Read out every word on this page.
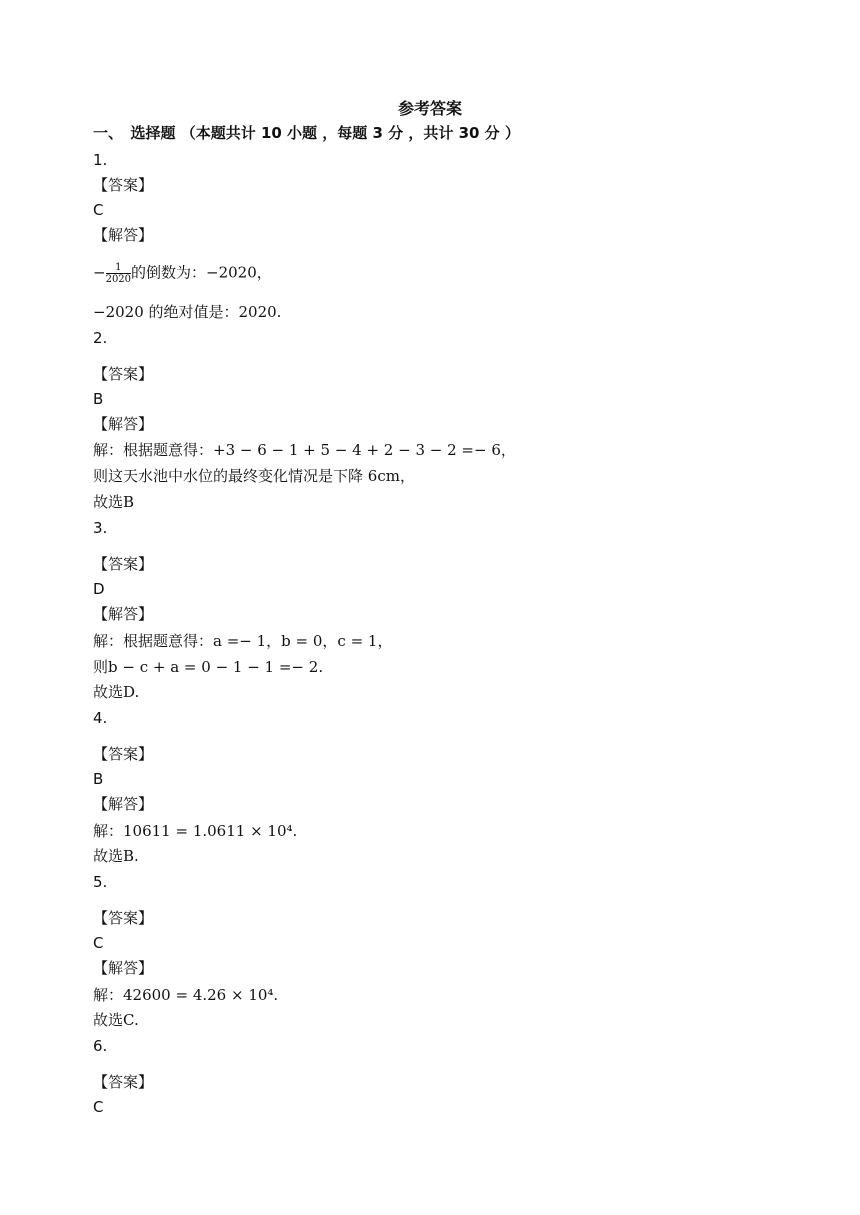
参考答案
一、　选择题 （本题共计 10 小题 ，每题 3 分 ，共计 30 分 ）
1.
【答案】
C
【解答】
− $\frac{1}{2020}$ 的倒数为：−2020，
−2020 的绝对值是：2020.
2.
【答案】
B
【解答】
解：根据题意得：+3 − 6 − 1 + 5 − 4 + 2 − 3 − 2 =− 6，
则这天水池中水位的最终变化情况是下降 6cm，
故选B
3.
【答案】
D
【解答】
解：根据题意得：a =− 1，b = 0，c = 1，
则b − c + a = 0 − 1 − 1 =− 2.
故选D.
4.
【答案】
B
【解答】
解：10611 = 1.0611 × 10⁴.
故选B.
5.
【答案】
C
【解答】
解：42600 = 4.26 × 10⁴.
故选C.
6.
【答案】
C
